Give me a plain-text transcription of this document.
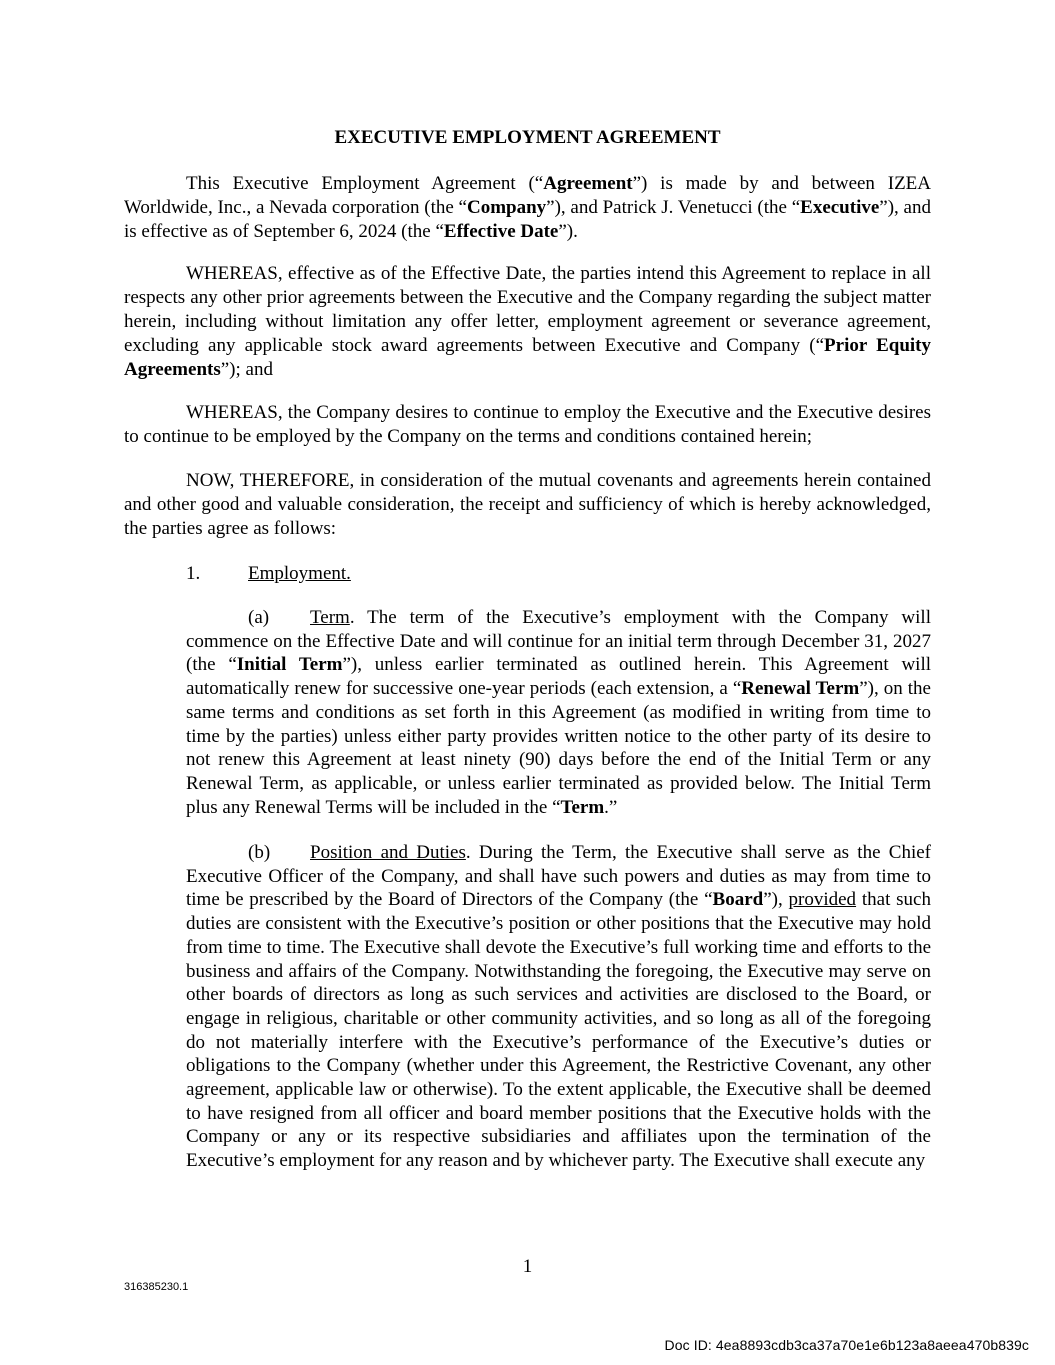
EXECUTIVE EMPLOYMENT AGREEMENT

This Executive Employment Agreement (“Agreement”) is made by and between IZEA Worldwide, Inc., a Nevada corporation (the “Company”), and Patrick J. Venetucci (the “Executive”), and is effective as of September 6, 2024 (the “Effective Date”).

WHEREAS, effective as of the Effective Date, the parties intend this Agreement to replace in all respects any other prior agreements between the Executive and the Company regarding the subject matter herein, including without limitation any offer letter, employment agreement or severance agreement, excluding any applicable stock award agreements between Executive and Company (“Prior Equity Agreements”); and

WHEREAS, the Company desires to continue to employ the Executive and the Executive desires to continue to be employed by the Company on the terms and conditions contained herein;

NOW, THEREFORE, in consideration of the mutual covenants and agreements herein contained and other good and valuable consideration, the receipt and sufficiency of which is hereby acknowledged, the parties agree as follows:

1.	Employment.

(a) Term. The term of the Executive’s employment with the Company will commence on the Effective Date and will continue for an initial term through December 31, 2027 (the “Initial Term”), unless earlier terminated as outlined herein. This Agreement will automatically renew for successive one-year periods (each extension, a “Renewal Term”), on the same terms and conditions as set forth in this Agreement (as modified in writing from time to time by the parties) unless either party provides written notice to the other party of its desire to not renew this Agreement at least ninety (90) days before the end of the Initial Term or any Renewal Term, as applicable, or unless earlier terminated as provided below. The Initial Term plus any Renewal Terms will be included in the “Term.”

(b) Position and Duties. During the Term, the Executive shall serve as the Chief Executive Officer of the Company, and shall have such powers and duties as may from time to time be prescribed by the Board of Directors of the Company (the “Board”), provided that such duties are consistent with the Executive’s position or other positions that the Executive may hold from time to time. The Executive shall devote the Executive’s full working time and efforts to the business and affairs of the Company. Notwithstanding the foregoing, the Executive may serve on other boards of directors as long as such services and activities are disclosed to the Board, or engage in religious, charitable or other community activities, and so long as all of the foregoing do not materially interfere with the Executive’s performance of the Executive’s duties or obligations to the Company (whether under this Agreement, the Restrictive Covenant, any other agreement, applicable law or otherwise). To the extent applicable, the Executive shall be deemed to have resigned from all officer and board member positions that the Executive holds with the Company or any or its respective subsidiaries and affiliates upon the termination of the Executive’s employment for any reason and by whichever party. The Executive shall execute any

1
316385230.1
Doc ID: 4ea8893cdb3ca37a70e1e6b123a8aeea470b839c
